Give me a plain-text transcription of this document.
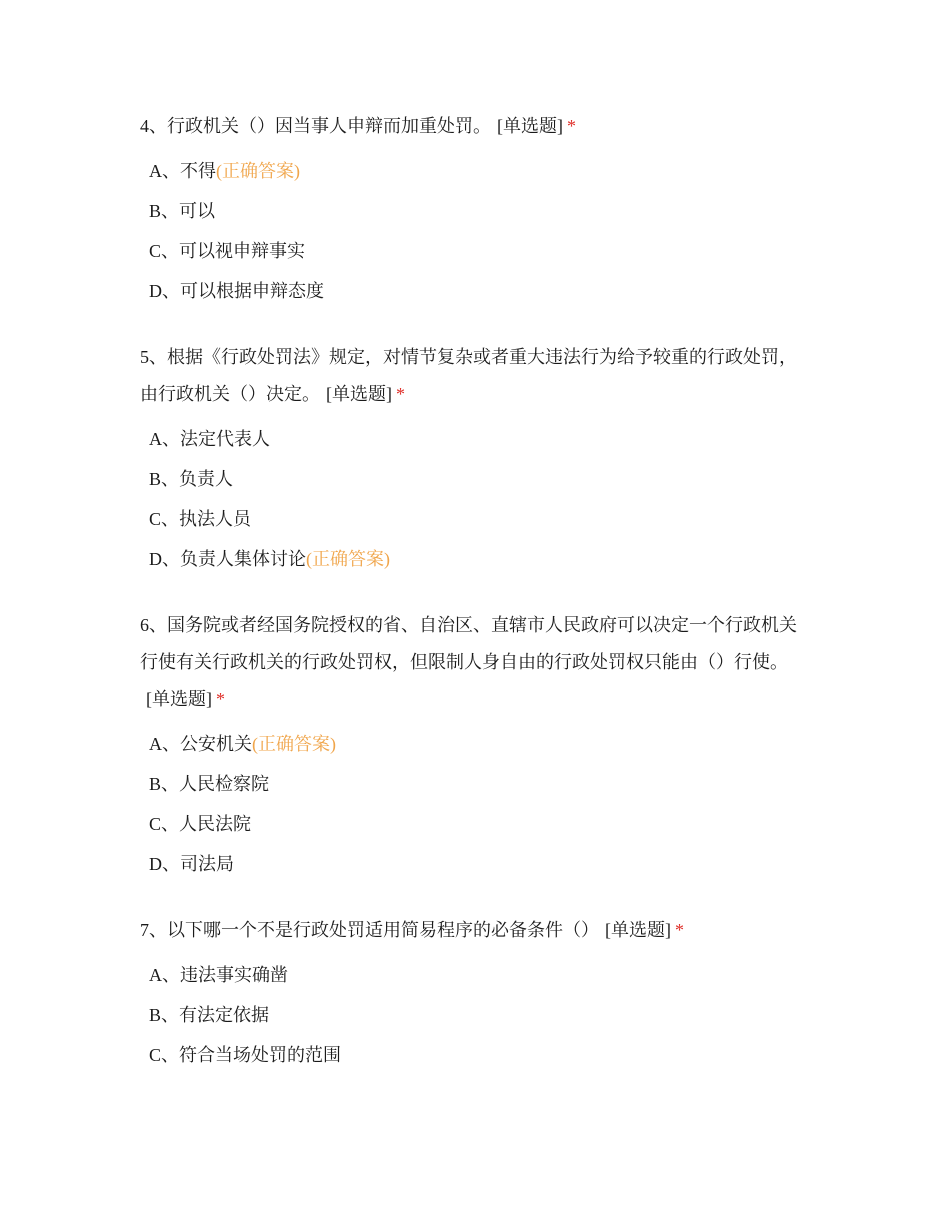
4、行政机关（）因当事人申辩而加重处罚。 [单选题] *

A、不得(正确答案)
B、可以
C、可以视申辩事实
D、可以根据申辩态度

5、根据《行政处罚法》规定，对情节复杂或者重大违法行为给予较重的行政处罚，由行政机关（）决定。 [单选题] *

A、法定代表人
B、负责人
C、执法人员
D、负责人集体讨论(正确答案)

6、国务院或者经国务院授权的省、自治区、直辖市人民政府可以决定一个行政机关行使有关行政机关的行政处罚权，但限制人身自由的行政处罚权只能由（）行使。[单选题] *

A、公安机关(正确答案)
B、人民检察院
C、人民法院
D、司法局

7、以下哪一个不是行政处罚适用简易程序的必备条件（） [单选题] *

A、违法事实确凿
B、有法定依据
C、符合当场处罚的范围
